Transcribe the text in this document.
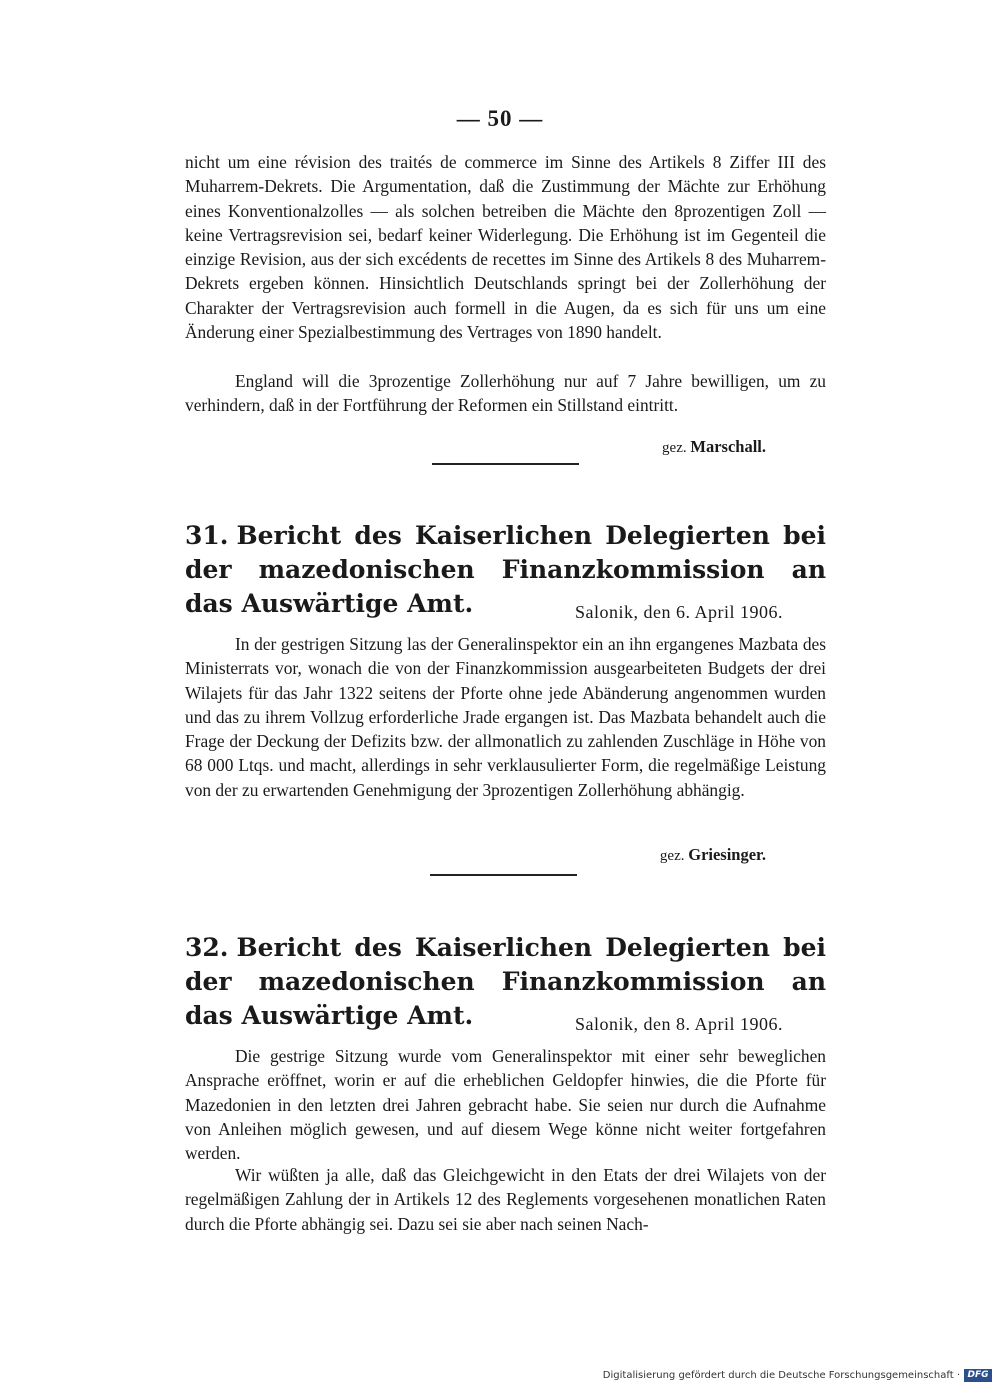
— 50 —

nicht um eine révision des traités de commerce im Sinne des Artikels 8 Ziffer III des Muharrem-Dekrets. Die Argumentation, daß die Zustimmung der Mächte zur Erhöhung eines Konventionalzolles — als solchen betreiben die Mächte den 8prozentigen Zoll — keine Vertragsrevision sei, bedarf keiner Widerlegung. Die Erhöhung ist im Gegenteil die einzige Revision, aus der sich excédents de recettes im Sinne des Artikels 8 des Muharrem-Dekrets ergeben können. Hinsichtlich Deutschlands springt bei der Zollerhöhung der Charakter der Vertragsrevision auch formell in die Augen, da es sich für uns um eine Änderung einer Spezialbestimmung des Vertrages von 1890 handelt.

England will die 3prozentige Zollerhöhung nur auf 7 Jahre bewilligen, um zu verhindern, daß in der Fortführung der Reformen ein Stillstand eintritt.

gez. Marschall.
31. Bericht des Kaiserlichen Delegierten bei der mazedonischen Finanzkommission an das Auswärtige Amt.	Salonik, den 6. April 1906.

In der gestrigen Sitzung las der Generalinspektor ein an ihn ergangenes Mazbata des Ministerrats vor, wonach die von der Finanzkommission ausgearbeiteten Budgets der drei Wilajets für das Jahr 1322 seitens der Pforte ohne jede Abänderung angenommen wurden und das zu ihrem Vollzug erforderliche Jrade ergangen ist. Das Mazbata behandelt auch die Frage der Deckung der Defizits bzw. der allmonatlich zu zahlenden Zuschläge in Höhe von 68 000 Ltqs. und macht, allerdings in sehr verklausulierter Form, die regelmäßige Leistung von der zu erwartenden Genehmigung der 3prozentigen Zollerhöhung abhängig.

gez. Griesinger.
32. Bericht des Kaiserlichen Delegierten bei der mazedonischen Finanzkommission an das Auswärtige Amt.	Salonik, den 8. April 1906.

Die gestrige Sitzung wurde vom Generalinspektor mit einer sehr beweglichen Ansprache eröffnet, worin er auf die erheblichen Geldopfer hinwies, die die Pforte für Mazedonien in den letzten drei Jahren gebracht habe. Sie seien nur durch die Aufnahme von Anleihen möglich gewesen, und auf diesem Wege könne nicht weiter fortgefahren werden.

Wir wüßten ja alle, daß das Gleichgewicht in den Etats der drei Wilajets von der regelmäßigen Zahlung der in Artikels 12 des Reglements vorgesehenen monatlichen Raten durch die Pforte abhängig sei. Dazu sei sie aber nach seinen Nach-

Digitalisierung gefördert durch die Deutsche Forschungsgemeinschaft · DFG
